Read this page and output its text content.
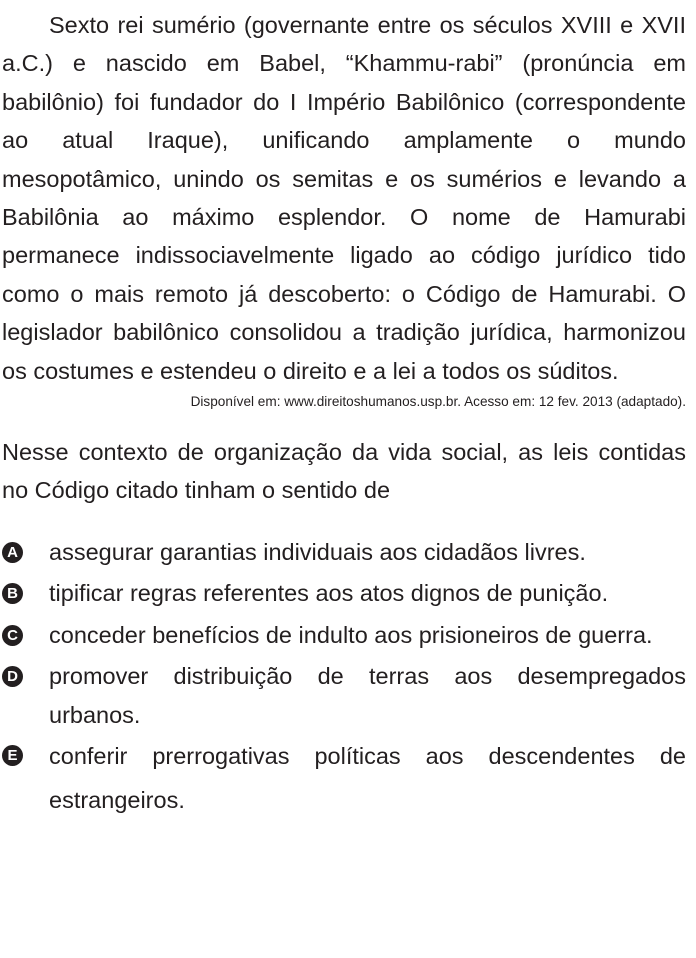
Sexto rei sumério (governante entre os séculos XVIII e XVII a.C.) e nascido em Babel, “Khammu-rabi” (pronúncia em babilônio) foi fundador do I Império Babilônico (correspondente ao atual Iraque), unificando amplamente o mundo mesopotâmico, unindo os semitas e os sumérios e levando a Babilônia ao máximo esplendor. O nome de Hamurabi permanece indissociavelmente ligado ao código jurídico tido como o mais remoto já descoberto: o Código de Hamurabi. O legislador babilônico consolidou a tradição jurídica, harmonizou os costumes e estendeu o direito e a lei a todos os súditos.

Disponível em: www.direitoshumanos.usp.br. Acesso em: 12 fev. 2013 (adaptado).

Nesse contexto de organização da vida social, as leis contidas no Código citado tinham o sentido de

A assegurar garantias individuais aos cidadãos livres.
B tipificar regras referentes aos atos dignos de punição.
C conceder benefícios de indulto aos prisioneiros de guerra.
D promover distribuição de terras aos desempregados urbanos.
E conferir prerrogativas políticas aos descendentes de estrangeiros.
